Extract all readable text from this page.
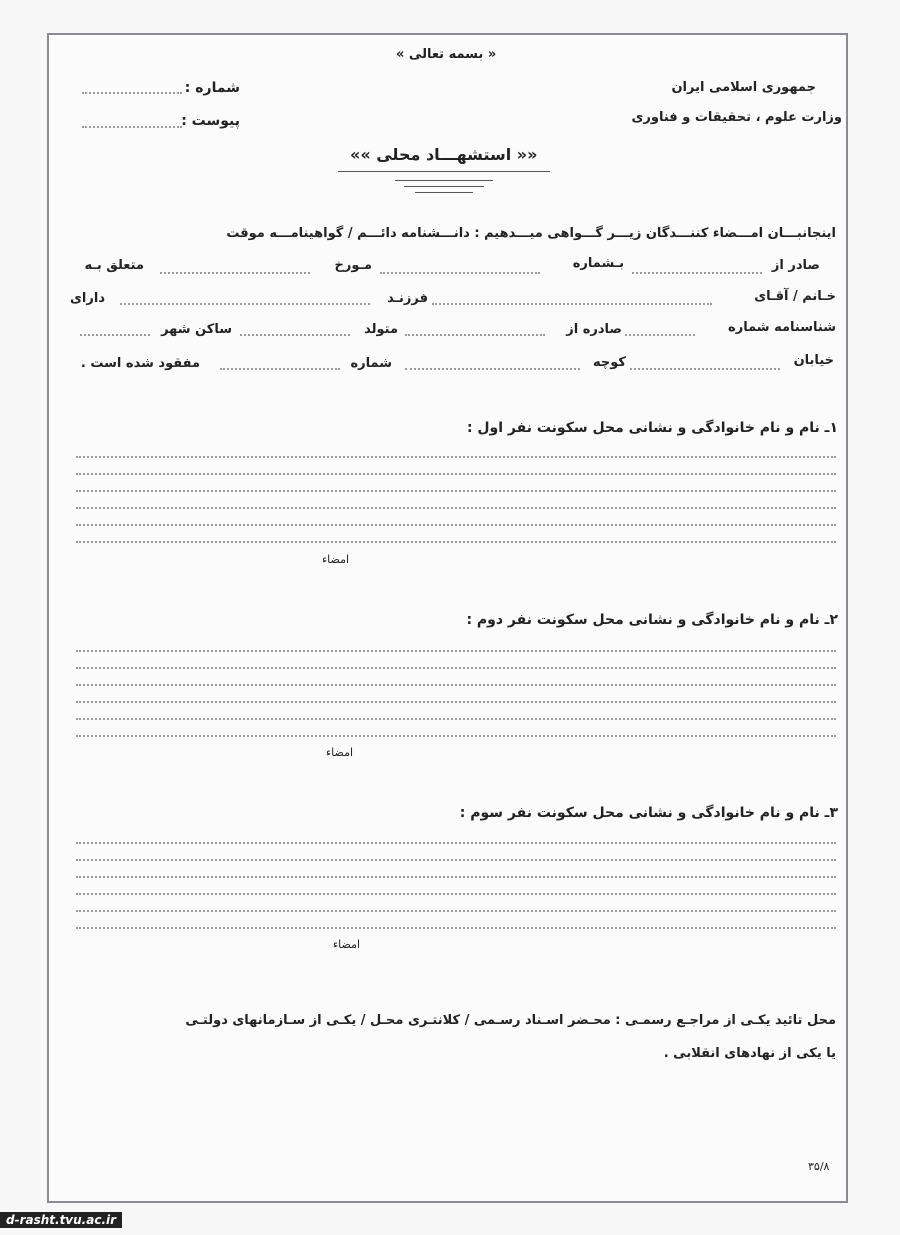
« بسمه تعالی »
جمهوری اسلامی ایران
وزارت علوم ، تحقیقات و فناوری
شماره :
پیوست :
«« استشهـــاد محلی »»
اینجانبـــان امـــضاء کننـــدگان زیـــر گـــواهی میـــدهیم : دانـــشنامه دائـــم / گواهینامـــه موقت
صادر از
بـشماره
مـورخ
متعلق بـه
خـانم / آقـای
فرزنـد
دارای
شناسنامه شماره
صادره از
متولد
ساکن شهر
خیابان
کوچه
شماره
مفقود شده است .
۱ـ نام و نام خانوادگی و نشانی محل سکونت نفر اول :
امضاء
۲ـ نام و نام خانوادگی و نشانی محل سکونت نفر دوم :
امضاء
۳ـ نام و نام خانوادگی و نشانی محل سکونت نفر سوم :
امضاء
محل تائید یکـی از مراجـع رسمـی : محـضر اسـناد رسـمی / کلانتـری محـل / یکـی از سـازمانهای دولتـی
یا یکی از نهادهای انقلابی .
۳۵/۸
d-rasht.tvu.ac.ir
